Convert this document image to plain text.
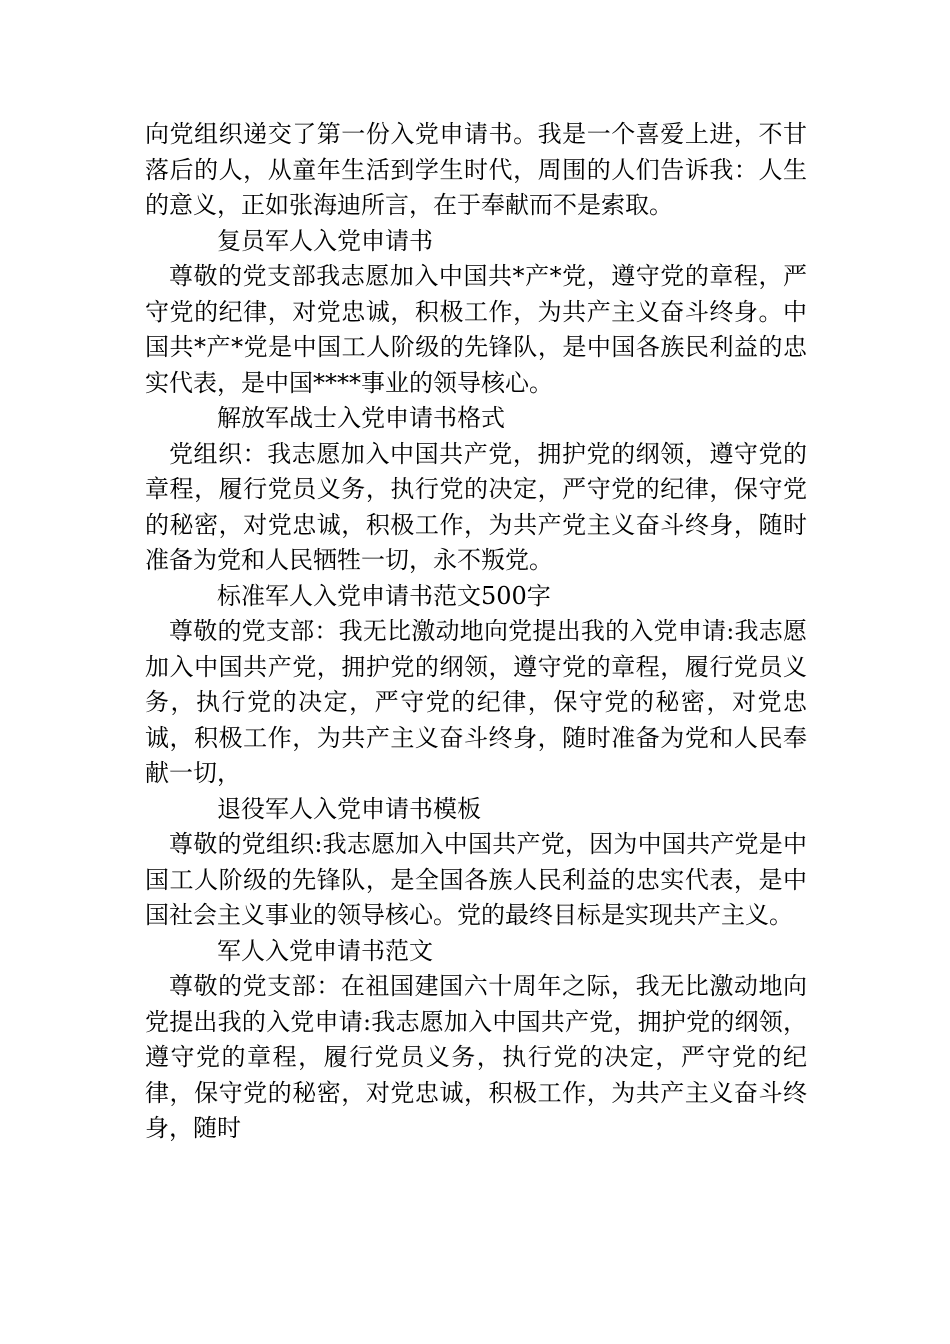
向党组织递交了第一份入党申请书。我是一个喜爱上进，不甘落后的人，从童年生活到学生时代，周围的人们告诉我：人生的意义，正如张海迪所言，在于奉献而不是索取。

复员军人入党申请书

尊敬的党支部我志愿加入中国共*产*党，遵守党的章程，严守党的纪律，对党忠诚，积极工作，为共产主义奋斗终身。中国共*产*党是中国工人阶级的先锋队，是中国各族民利益的忠实代表，是中国****事业的领导核心。

解放军战士入党申请书格式

党组织：我志愿加入中国共产党，拥护党的纲领，遵守党的章程，履行党员义务，执行党的决定，严守党的纪律，保守党的秘密，对党忠诚，积极工作，为共产党主义奋斗终身，随时准备为党和人民牺牲一切，永不叛党。

标准军人入党申请书范文500字

尊敬的党支部：我无比激动地向党提出我的入党申请:我志愿加入中国共产党，拥护党的纲领，遵守党的章程，履行党员义务，执行党的决定，严守党的纪律，保守党的秘密，对党忠诚，积极工作，为共产主义奋斗终身，随时准备为党和人民奉献一切，

退役军人入党申请书模板

尊敬的党组织:我志愿加入中国共产党，因为中国共产党是中国工人阶级的先锋队，是全国各族人民利益的忠实代表，是中国社会主义事业的领导核心。党的最终目标是实现共产主义。

军人入党申请书范文

尊敬的党支部：在祖国建国六十周年之际，我无比激动地向党提出我的入党申请:我志愿加入中国共产党，拥护党的纲领，遵守党的章程，履行党员义务，执行党的决定，严守党的纪律，保守党的秘密，对党忠诚，积极工作，为共产主义奋斗终身，随时
